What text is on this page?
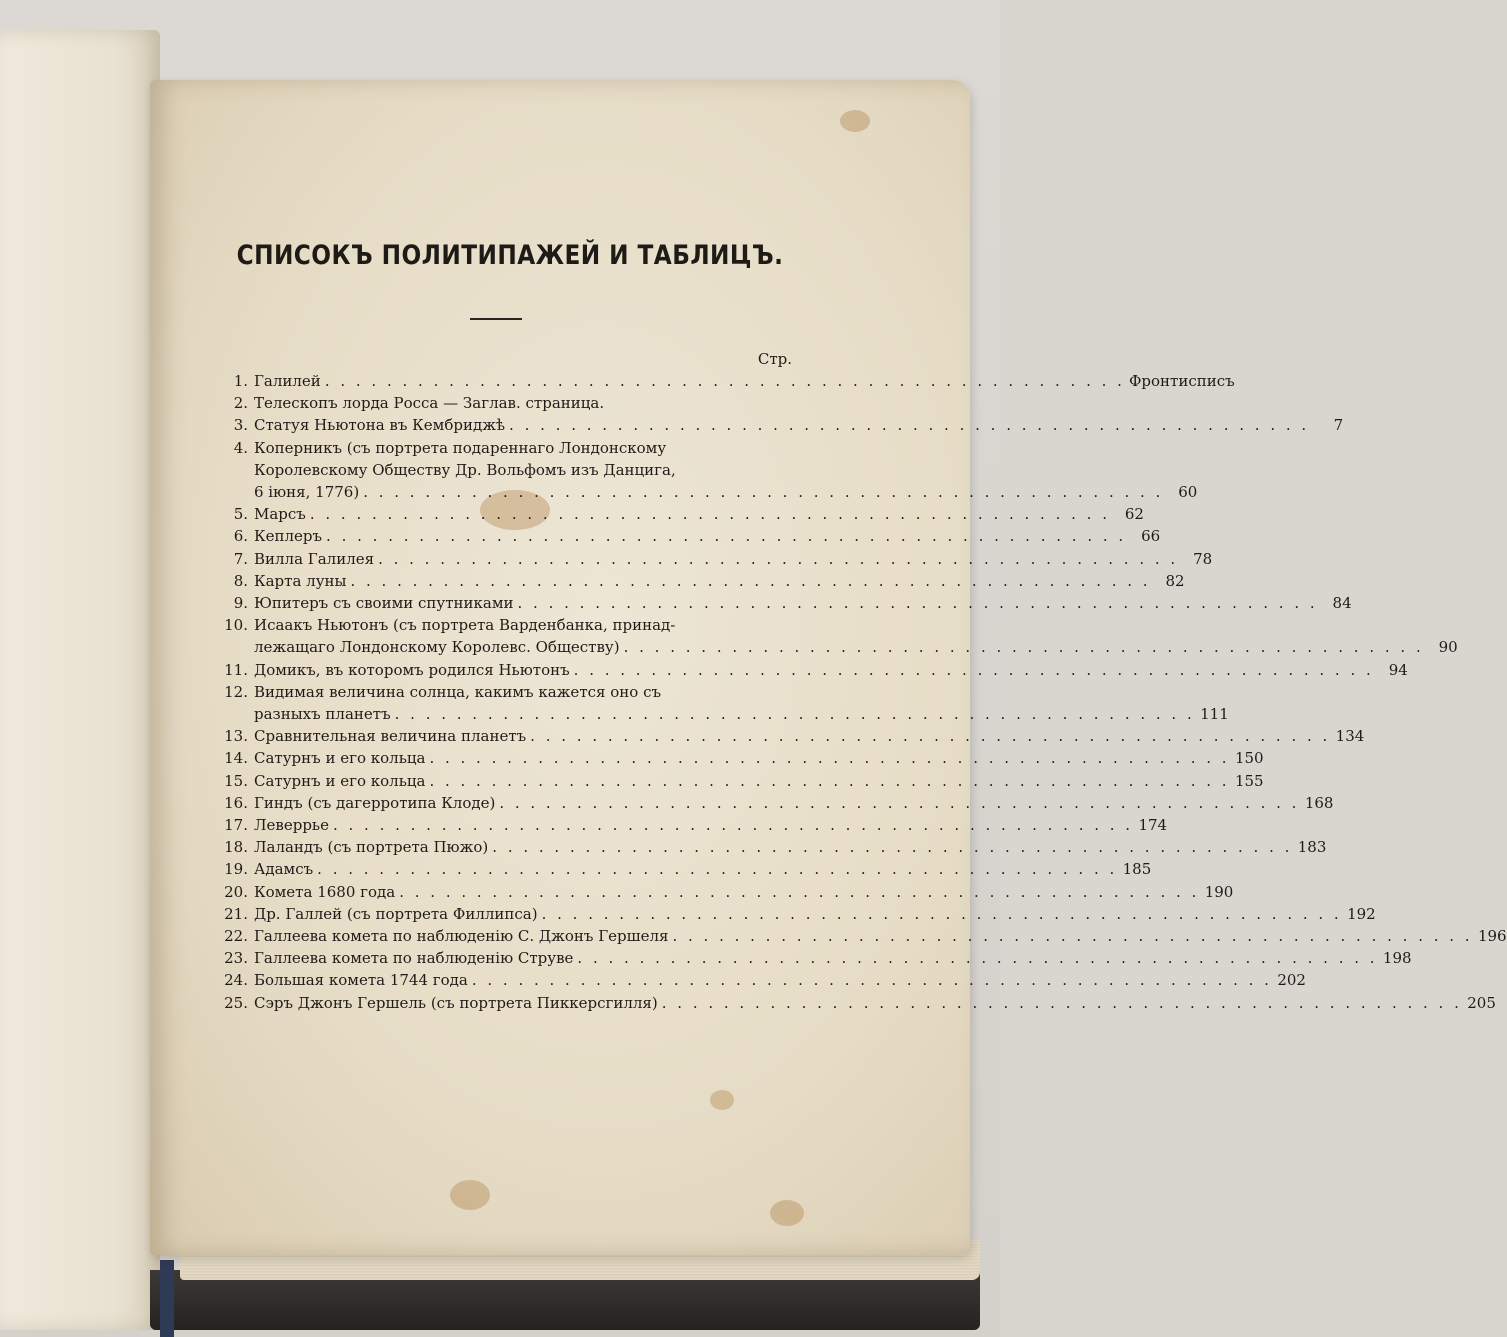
СПИСОКЪ ПОЛИТИПАЖЕЙ И ТАБЛИЦЪ.
Стр.
1. Галилей . . .	Фронтисписъ
2. Телескопъ лорда Росса — Заглав. страница.
3. Статуя Ньютона въ Кембриджѣ . . .	7
4. Коперникъ (съ портрета подареннаго Лондонскому
Королевскому Обществу Др. Вольфомъ изъ Данцига,
6 іюня, 1776) . . .	60
5. Марсъ . . .	62
6. Кеплеръ . . .	66
7. Вилла Галилея . . .	78
8. Карта луны . . .	82
9. Юпитеръ съ своими спутниками . . .	84
10. Исаакъ Ньютонъ (съ портрета Варденбанка, принад-
лежащаго Лондонскому Королевс. Обществу) . . .	90
11. Домикъ, въ которомъ родился Ньютонъ . . .	94
12. Видимая величина солнца, какимъ кажется оно съ
разныхъ планетъ . . .	111
13. Сравнительная величина планетъ . . .	134
14. Сатурнъ и его кольца . . .	150
15. Сатурнъ и его кольца . . .	155
16. Гиндъ (съ дагерротипа Клоде) . . .	168
17. Леверрье . . .	174
18. Лаландъ (съ портрета Пюжо) . . .	183
19. Адамсъ . . .	185
20. Комета 1680 года . . .	190
21. Др. Галлей (съ портрета Филлипса) . . .	192
22. Галлеева комета по наблюденію С. Джонъ Гершеля . . .	196
23. Галлеева комета по наблюденію Струве . . .	198
24. Большая комета 1744 года . . .	202
25. Сэръ Джонъ Гершель (съ портрета Пиккерсгилля) . . .	205
